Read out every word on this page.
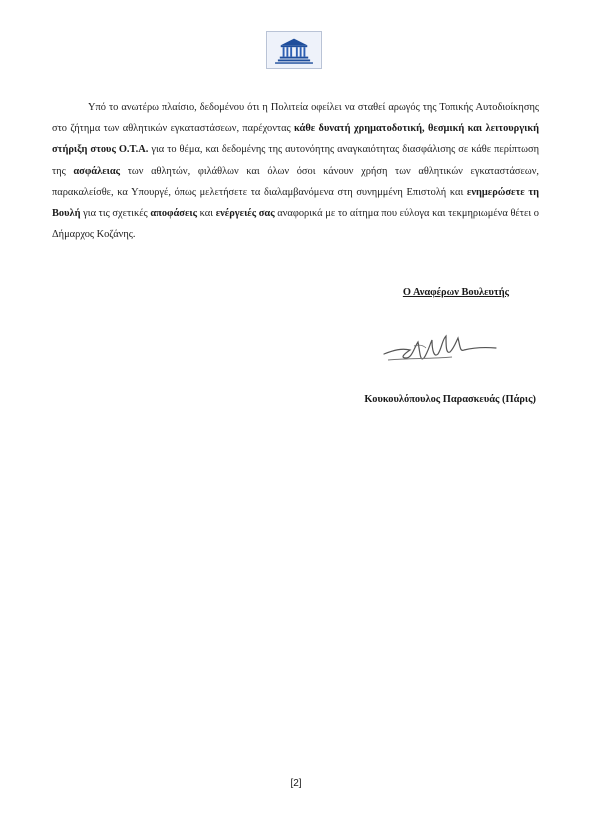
Υπό το ανωτέρω πλαίσιο, δεδομένου ότι η Πολιτεία οφείλει να σταθεί αρωγός της Τοπικής Αυτοδιοίκησης στο ζήτημα των αθλητικών εγκαταστάσεων, παρέχοντας κάθε δυνατή χρηματοδοτική, θεσμική και λειτουργική στήριξη στους Ο.Τ.Α. για το θέμα, και δεδομένης της αυτονόητης αναγκαιότητας διασφάλισης σε κάθε περίπτωση της ασφάλειας των αθλητών, φιλάθλων και όλων όσοι κάνουν χρήση των αθλητικών εγκαταστάσεων, παρακαλείσθε, κα Υπουργέ, όπως μελετήσετε τα διαλαμβανόμενα στη συνημμένη Επιστολή και ενημερώσετε τη Βουλή για τις σχετικές αποφάσεις και ενέργειές σας αναφορικά με το αίτημα που εύλογα και τεκμηριωμένα θέτει ο Δήμαρχος Κοζάνης.

Ο Αναφέρων Βουλευτής
Κουκουλόπουλος Παρασκευάς (Πάρις)
[2]
